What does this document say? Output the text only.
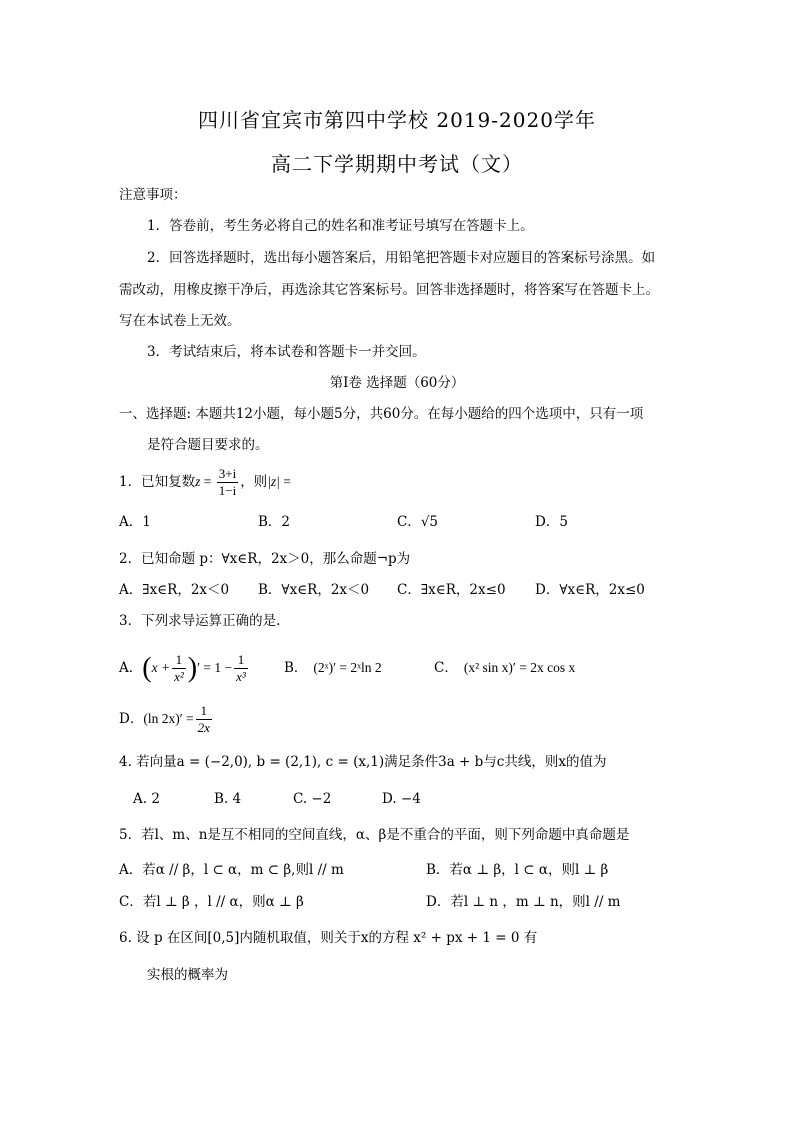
四川省宜宾市第四中学校 2019-2020学年
高二下学期期中考试（文）
注意事项：
1．答卷前，考生务必将自己的姓名和准考证号填写在答题卡上。
2．回答选择题时，选出每小题答案后，用铅笔把答题卡对应题目的答案标号涂黑。如
需改动，用橡皮擦干净后，再选涂其它答案标号。回答非选择题时，将答案写在答题卡上。
写在本试卷上无效。
3．考试结束后，将本试卷和答题卡一并交回。
第I卷 选择题（60分）
一、选择题: 本题共12小题，每小题5分，共60分。在每小题给的四个选项中，只有一项
是符合题目要求的。
1．已知复数$z = \frac{3+i}{1-i}$ ，则|z| =
A．1	B．2	C．√5	D．5
2．已知命题 p：∀x∈R，2x＞0，那么命题¬p为
A．∃x∈R，2x＜0 B．∀x∈R，2x＜0 C．∃x∈R，2x≤0 D．∀x∈R，2x≤0
3．下列求导运算正确的是.
A．($x + \frac{1}{\text{x²}}$ )′ = $1 - \frac{1}{\text{x³}}$	B． (2ˣ)′ = 2ˣln 2	C． (x² sin x)′ = 2x cos x
D．(ln $2x)' = \frac{1}{2x}$
4. 若向量a = (−2,0), b = (2,1), c = (x,1)满足条件3a + b与c共线，则x的值为
A. 2	B. 4	C. −2	D. −4
5．若l、m、n是互不相同的空间直线，α、β是不重合的平面，则下列命题中真命题是
A．若α // β，l ⊂ α，m ⊂ β,则l // m	B．若α ⊥ β，l ⊂ α，则l ⊥ β
C．若l ⊥ β ，l // α，则α ⊥ β	D．若l ⊥ n ，m ⊥ n，则l // m
6. 设 p 在区间[0,5]内随机取值，则关于x的方程 x² + px + 1 = 0 有
实根的概率为
